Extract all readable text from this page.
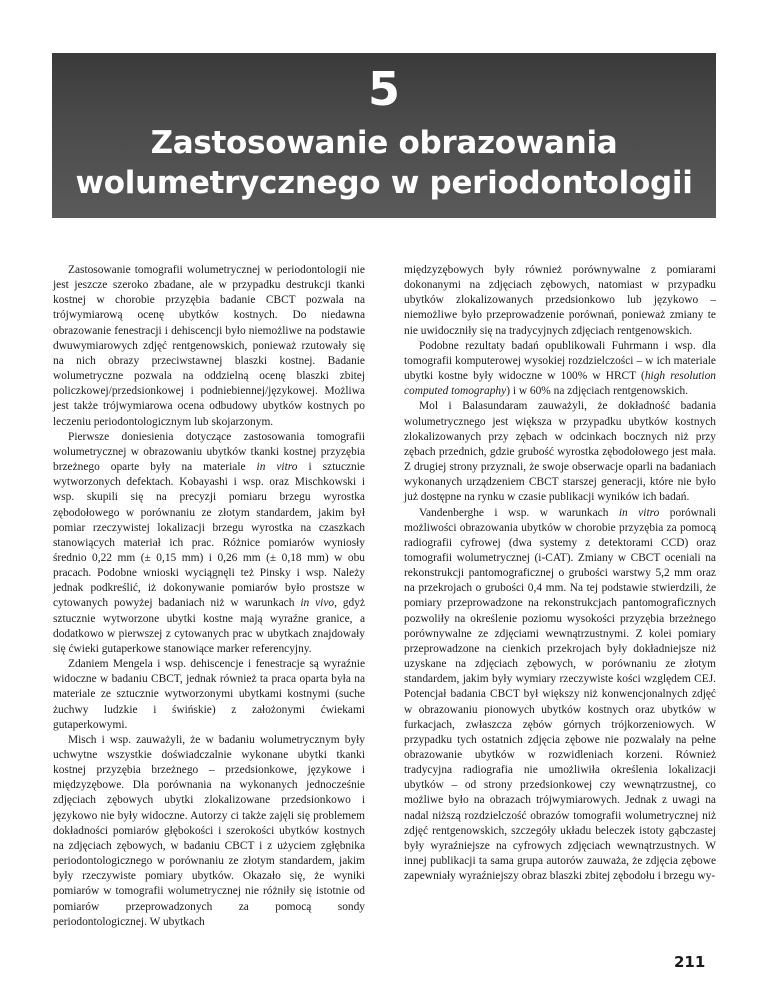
5
Zastosowanie obrazowania
wolumetrycznego w periodontologii

Zastosowanie tomografii wolumetrycznej w periodontologii nie jest jeszcze szeroko zbadane, ale w przypadku destrukcji tkanki kostnej w chorobie przyzębia badanie CBCT pozwala na trójwymiarową ocenę ubytków kostnych. Do niedawna obrazowanie fenestracji i dehiscencji było niemożliwe na podstawie dwuwymiarowych zdjęć rentgenowskich, ponieważ rzutowały się na nich obrazy przeciwstawnej blaszki kostnej. Badanie wolumetryczne pozwala na oddzielną ocenę blaszki zbitej policzkowej/przedsionkowej i podniebiennej/językowej. Możliwa jest także trójwymiarowa ocena odbudowy ubytków kostnych po leczeniu periodontologicznym lub skojarzonym.

Pierwsze doniesienia dotyczące zastosowania tomografii wolumetrycznej w obrazowaniu ubytków tkanki kostnej przyzębia brzeżnego oparte były na materiale in vitro i sztucznie wytworzonych defektach. Kobayashi i wsp. oraz Mischkowski i wsp. skupili się na precyzji pomiaru brzegu wyrostka zębodołowego w porównaniu ze złotym standardem, jakim był pomiar rzeczywistej lokalizacji brzegu wyrostka na czaszkach stanowiących materiał ich prac. Różnice pomiarów wyniosły średnio 0,22 mm (± 0,15 mm) i 0,26 mm (± 0,18 mm) w obu pracach. Podobne wnioski wyciągnęli też Pinsky i wsp. Należy jednak podkreślić, iż dokonywanie pomiarów było prostsze w cytowanych powyżej badaniach niż w warunkach in vivo, gdyż sztucznie wytworzone ubytki kostne mają wyraźne granice, a dodatkowo w pierwszej z cytowanych prac w ubytkach znajdowały się ćwieki gutaperkowe stanowiące marker referencyjny.

Zdaniem Mengela i wsp. dehiscencje i fenestracje są wyraźnie widoczne w badaniu CBCT, jednak również ta praca oparta była na materiale ze sztucznie wytworzonymi ubytkami kostnymi (suche żuchwy ludzkie i świńskie) z założonymi ćwiekami gutaperkowymi.

Misch i wsp. zauważyli, że w badaniu wolumetrycznym były uchwytne wszystkie doświadczalnie wykonane ubytki tkanki kostnej przyzębia brzeżnego – przedsionkowe, językowe i międzyzębowe. Dla porównania na wykonanych jednocześnie zdjęciach zębowych ubytki zlokalizowane przedsionkowo i językowo nie były widoczne. Autorzy ci także zajęli się problemem dokładności pomiarów głębokości i szerokości ubytków kostnych na zdjęciach zębowych, w badaniu CBCT i z użyciem zgłębnika periodontologicznego w porównaniu ze złotym standardem, jakim były rzeczywiste pomiary ubytków. Okazało się, że wyniki pomiarów w tomografii wolumetrycznej nie różniły się istotnie od pomiarów przeprowadzonych za pomocą sondy periodontologicznej. W ubytkach

międzyzębowych były również porównywalne z pomiarami dokonanymi na zdjęciach zębowych, natomiast w przypadku ubytków zlokalizowanych przedsionkowo lub językowo – niemożliwe było przeprowadzenie porównań, ponieważ zmiany te nie uwidoczniły się na tradycyjnych zdjęciach rentgenowskich.

Podobne rezultaty badań opublikowali Fuhrmann i wsp. dla tomografii komputerowej wysokiej rozdzielczości – w ich materiale ubytki kostne były widoczne w 100% w HRCT (high resolution computed tomography) i w 60% na zdjęciach rentgenowskich.

Mol i Balasundaram zauważyli, że dokładność badania wolumetrycznego jest większa w przypadku ubytków kostnych zlokalizowanych przy zębach w odcinkach bocznych niż przy zębach przednich, gdzie grubość wyrostka zębodołowego jest mała. Z drugiej strony przyznali, że swoje obserwacje oparli na badaniach wykonanych urządzeniem CBCT starszej generacji, które nie było już dostępne na rynku w czasie publikacji wyników ich badań.

Vandenberghe i wsp. w warunkach in vitro porównali możliwości obrazowania ubytków w chorobie przyzębia za pomocą radiografii cyfrowej (dwa systemy z detektorami CCD) oraz tomografii wolumetrycznej (i-CAT). Zmiany w CBCT oceniali na rekonstrukcji pantomograficznej o grubości warstwy 5,2 mm oraz na przekrojach o grubości 0,4 mm. Na tej podstawie stwierdzili, że pomiary przeprowadzone na rekonstrukcjach pantomograficznych pozwoliły na określenie poziomu wysokości przyzębia brzeżnego porównywalne ze zdjęciami wewnątrzustnymi. Z kolei pomiary przeprowadzone na cienkich przekrojach były dokładniejsze niż uzyskane na zdjęciach zębowych, w porównaniu ze złotym standardem, jakim były wymiary rzeczywiste kości względem CEJ. Potencjał badania CBCT był większy niż konwencjonalnych zdjęć w obrazowaniu pionowych ubytków kostnych oraz ubytków w furkacjach, zwłaszcza zębów górnych trójkorzeniowych. W przypadku tych ostatnich zdjęcia zębowe nie pozwalały na pełne obrazowanie ubytków w rozwidleniach korzeni. Również tradycyjna radiografia nie umożliwiła określenia lokalizacji ubytków – od strony przedsionkowej czy wewnątrzustnej, co możliwe było na obrazach trójwymiarowych. Jednak z uwagi na nadal niższą rozdzielczość obrazów tomografii wolumetrycznej niż zdjęć rentgenowskich, szczegóły układu beleczek istoty gąbczastej były wyraźniejsze na cyfrowych zdjęciach wewnątrzustnych. W innej publikacji ta sama grupa autorów zauważa, że zdjęcia zębowe zapewniały wyraźniejszy obraz blaszki zbitej zębodołu i brzegu wy-

211
